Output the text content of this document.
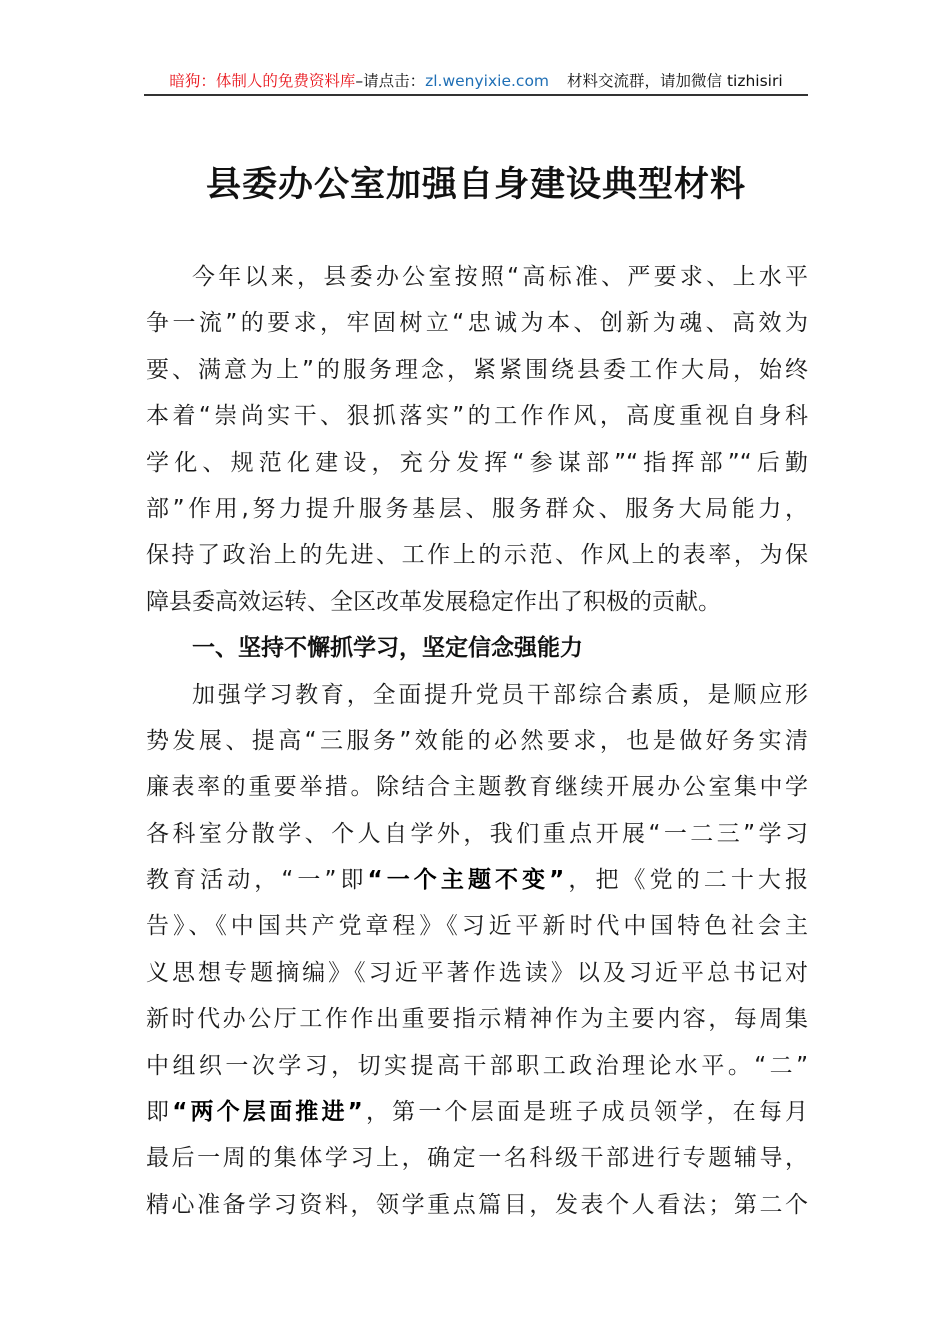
暗狗：体制人的免费资料库 –请点击： zl.wenyixie.com 材料交流群，请加微信 tizhisiri
县委办公室加强自身建设典型材料
今年以来，县委办公室按照“高标准、严要求、上水平
争一流”的要求，牢固树立“忠诚为本、创新为魂、高效为
要、满意为上”的服务理念，紧紧围绕县委工作大局，始终
本着“崇尚实干、狠抓落实”的工作作风，高度重视自身科
学化、规范化建设，充分发挥“参谋部”“指挥部”“后勤
部”作用,努力提升服务基层、服务群众、服务大局能力，
保持了政治上的先进、工作上的示范、作风上的表率，为保
障县委高效运转、全区改革发展稳定作出了积极的贡献。
一、坚持不懈抓学习，坚定信念强能力
加强学习教育，全面提升党员干部综合素质，是顺应形
势发展、提高“三服务”效能的必然要求，也是做好务实清
廉表率的重要举措。除结合主题教育继续开展办公室集中学
各科室分散学、个人自学外，我们重点开展“一二三”学习
教育活动，“一”即“一个主题不变”，把《党的二十大报
告》、《中国共产党章程》《习近平新时代中国特色社会主
义思想专题摘编》《习近平著作选读》以及习近平总书记对
新时代办公厅工作作出重要指示精神作为主要内容，每周集
中组织一次学习，切实提高干部职工政治理论水平。“二”
即“两个层面推进”，第一个层面是班子成员领学，在每月
最后一周的集体学习上，确定一名科级干部进行专题辅导，
精心准备学习资料，领学重点篇目，发表个人看法；第二个
